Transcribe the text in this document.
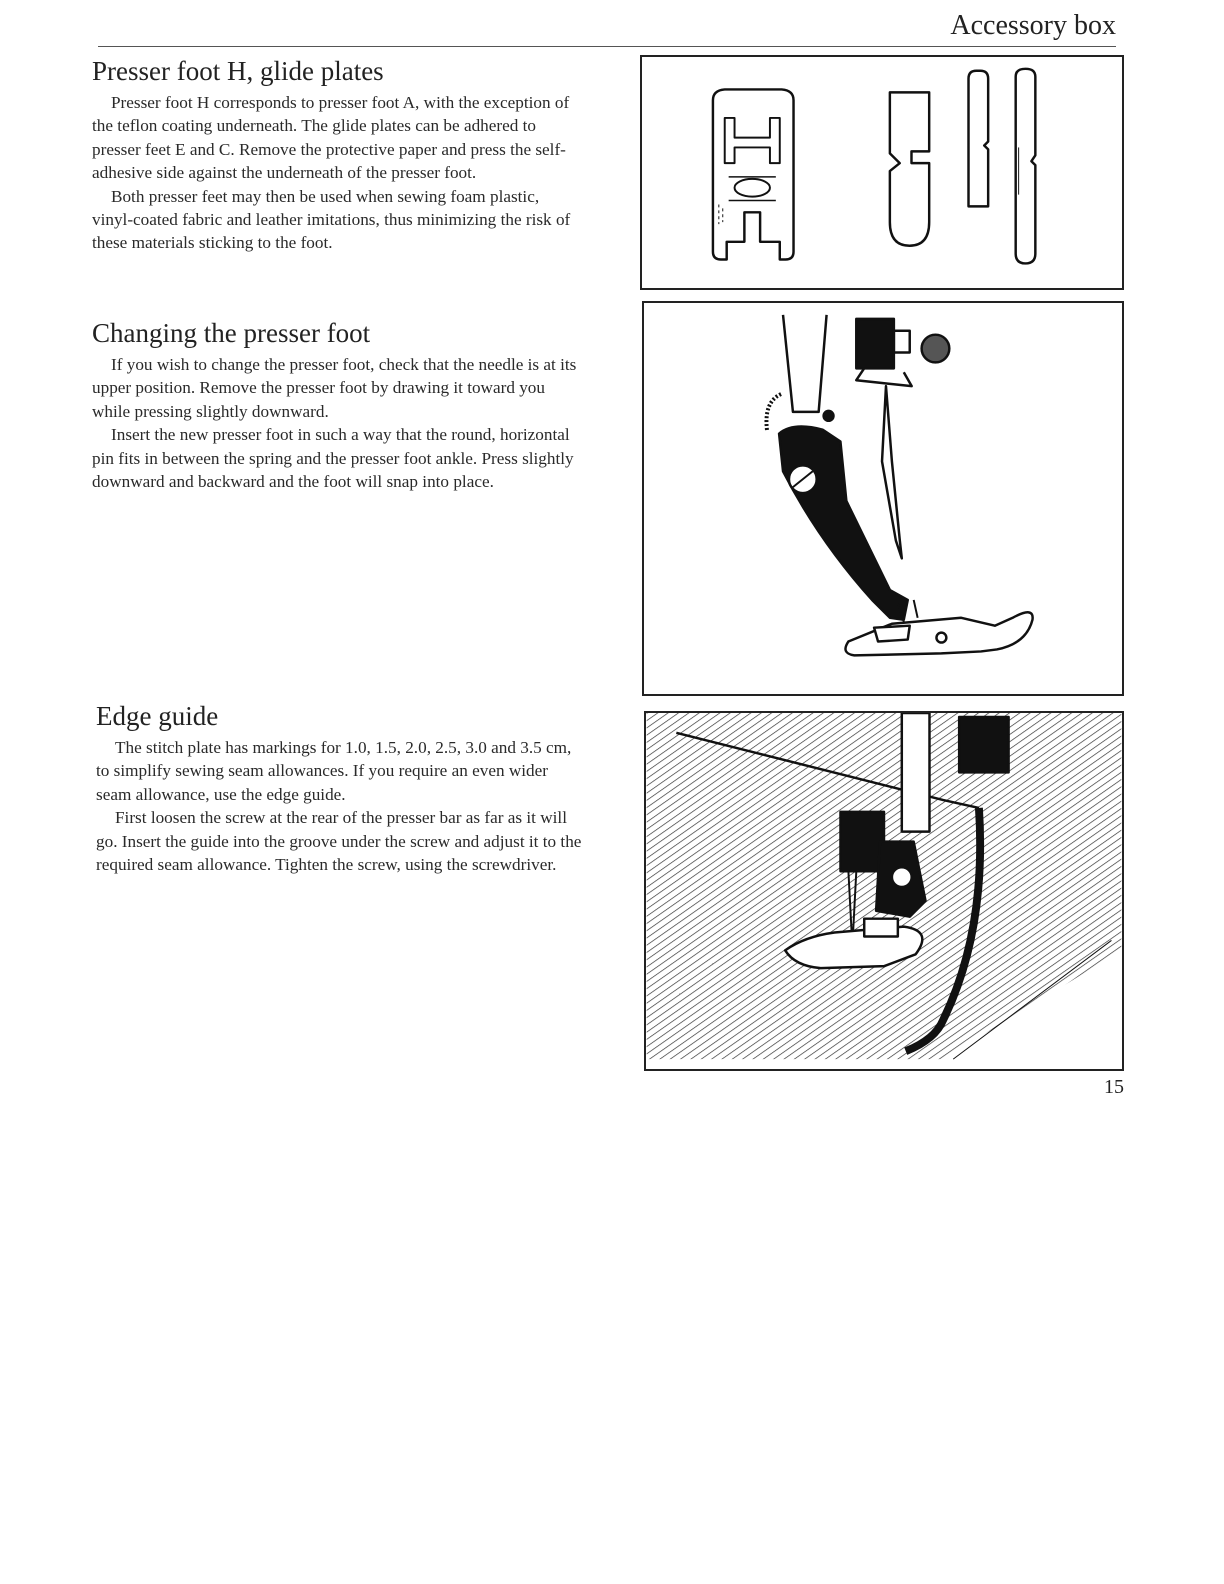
Accessory box
Presser foot H, glide plates

Presser foot H corresponds to presser foot A, with the exception of the teflon coating underneath. The glide plates can be adhered to presser feet E and C. Remove the protective paper and press the self-adhesive side against the underneath of the presser foot.

Both presser feet may then be used when sewing foam plastic, vinyl-coated fabric and leather imitations, thus minimizing the risk of these materials sticking to the foot.

Changing the presser foot

If you wish to change the presser foot, check that the needle is at its upper position. Remove the presser foot by drawing it toward you while pressing slightly downward.

Insert the new presser foot in such a way that the round, horizontal pin fits in between the spring and the presser foot ankle. Press slightly downward and backward and the foot will snap into place.

Edge guide

The stitch plate has markings for 1.0, 1.5, 2.0, 2.5, 3.0 and 3.5 cm, to simplify sewing seam allowances. If you require an even wider seam allowance, use the edge guide.

First loosen the screw at the rear of the presser bar as far as it will go. Insert the guide into the groove under the screw and adjust it to the required seam allowance. Tighten the screw, using the screwdriver.

15
